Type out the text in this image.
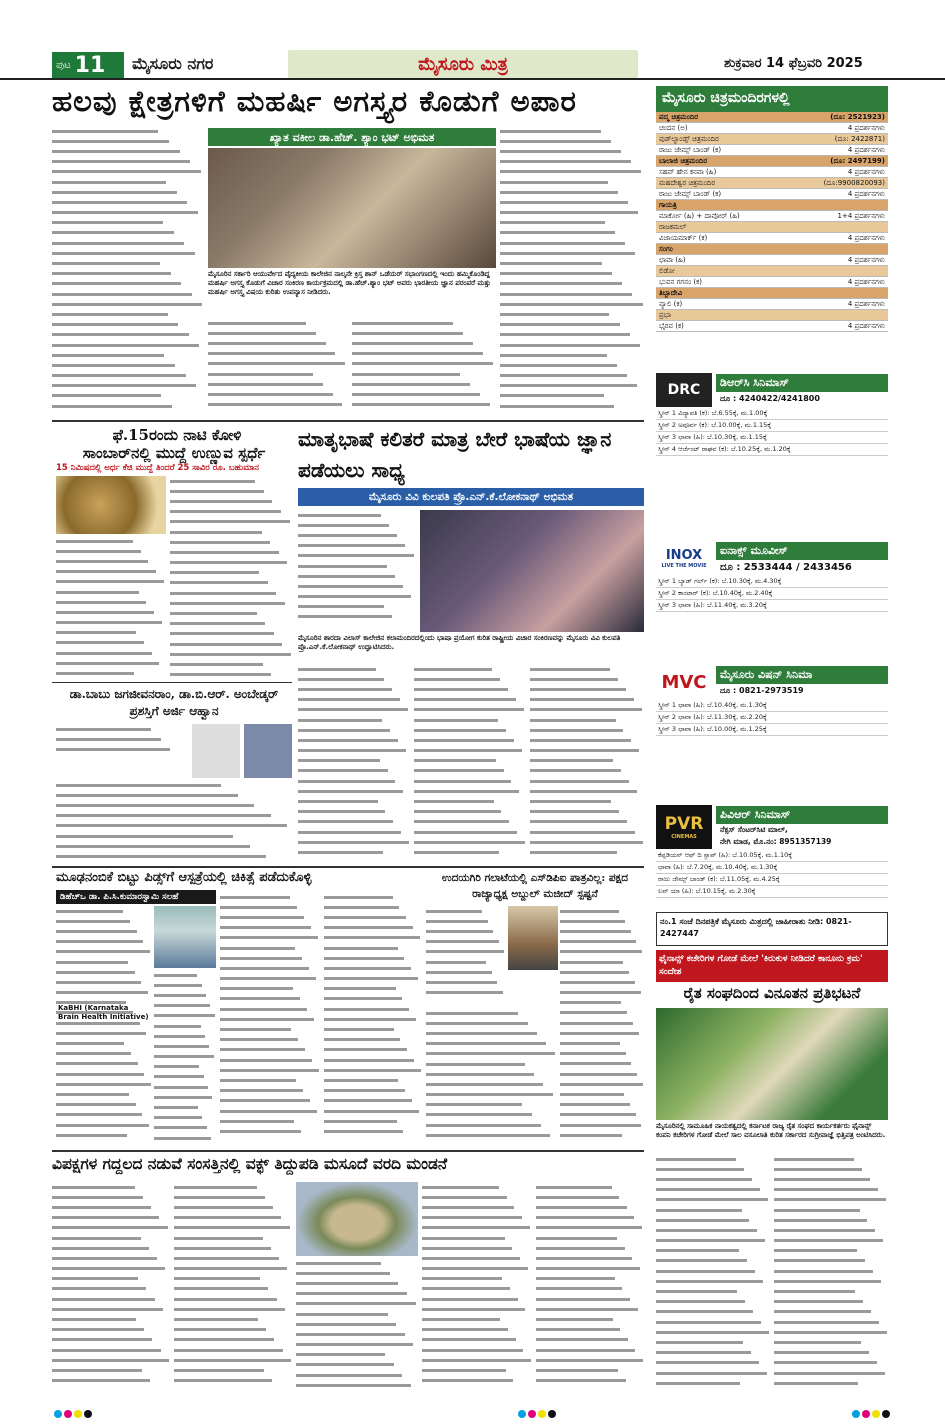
ಪುಟ 11 ಮೈಸೂರು ನಗರ	ಮೈಸೂರು ಮಿತ್ರ	ಶುಕ್ರವಾರ 14 ಫೆಬ್ರವರಿ 2025
ಹಲವು ಕ್ಷೇತ್ರಗಳಿಗೆ ಮಹರ್ಷಿ ಅಗಸ್ತ್ಯರ ಕೊಡುಗೆ ಅಪಾರ
ಖ್ಯಾತ ವಕೀಲ ಡಾ.ಹೆಚ್. ಶ್ಯಾಂ ಭಟ್ ಅಭಿಮತ
ಮೈಸೂರಿನ ಸರ್ಕಾರಿ ಆಯುರ್ವೇದ ವೈದ್ಯಕೀಯ ಕಾಲೇಜಿನ ನಾಲ್ಕನೇ ಕ್ರಿಸ್ತ ಶಾನ್ ಒಡೆಯರ್ ಸಭಾಂಗಣದಲ್ಲಿ ಇಂದು ಹಮ್ಮಿಕೊಂಡಿದ್ದ ಮಹರ್ಷಿ ಅಗಸ್ತ್ಯ ಕೊಡುಗೆ ವಿಚಾರ ಸಂಕಿರಣ ಕಾರ್ಯಕ್ರಮದಲ್ಲಿ ಡಾ.ಹೆಚ್.ಶ್ಯಾಂ ಭಟ್ ಅವರು ಭಾರತೀಯ ಜ್ಞಾನ ಪರಂಪರೆ ಮತ್ತು ಮಹರ್ಷಿ ಅಗಸ್ತ್ಯ ವಿಷಯ ಕುರಿತು ಉಪನ್ಯಾಸ ನೀಡಿದರು.
ಫೆ.15ರಂದು ನಾಟಿ ಕೋಳಿ
ಸಾಂಬಾರ್‌ನಲ್ಲಿ ಮುದ್ದೆ ಉಣ್ಣುವ ಸ್ಪರ್ಧೆ
15 ನಿಮಿಷದಲ್ಲಿ ಅರ್ಧ ಕೆಜಿ ಮುದ್ದೆ ತಿಂದರೆ 25 ಸಾವಿರ ರೂ. ಬಹುಮಾನ
ಡಾ.ಬಾಬು ಜಗಜೀವನರಾಂ, ಡಾ.ಬಿ.ಆರ್. ಅಂಬೇಡ್ಕರ್ ಪ್ರಶಸ್ತಿಗೆ ಅರ್ಜಿ ಆಹ್ವಾನ
ಮಾತೃಭಾಷೆ ಕಲಿತರೆ ಮಾತ್ರ ಬೇರೆ ಭಾಷೆಯ ಜ್ಞಾನ ಪಡೆಯಲು ಸಾಧ್ಯ
ಮೈಸೂರು ವಿವಿ ಕುಲಪತಿ ಪ್ರೊ.ಎನ್.ಕೆ.ಲೋಕನಾಥ್ ಅಭಿಮತ
ಮೈಸೂರಿನ ಶಾರದಾ ವಿಲಾಸ್ ಕಾಲೇಜಿನ ಕಲಾಮಂದಿರದಲ್ಲಿಂದು ಭಾಷಾ ಪ್ರಯೋಗ ಕುರಿತ ರಾಷ್ಟ್ರೀಯ ವಿಚಾರ ಸಂಕಿರಣವನ್ನು ಮೈಸೂರು ವಿವಿ ಕುಲಪತಿ ಪ್ರೊ.ಎನ್.ಕೆ.ಲೋಕನಾಥ್ ಉದ್ಘಾಟಿಸಿದರು.
ಮೂಢನಂಬಿಕೆ ಬಿಟ್ಟು ಪಿಡ್ಸ್‌ಗೆ ಆಸ್ಪತ್ರೆಯಲ್ಲಿ ಚಿಕಿತ್ಸೆ ಪಡೆದುಕೊಳ್ಳಿ
ಡಿಹೆಚ್‌ಒ ಡಾ. ಪಿ.ಸಿ.ಕುಮಾರಸ್ವಾಮಿ ಸಲಹೆ
KaBHI (Karnataka Brain Health Initiative)
ಉದಯಗಿರಿ ಗಲಾಟೆಯಲ್ಲಿ ಎಸ್‌ಡಿಪಿಐ ಪಾತ್ರವಿಲ್ಲ: ಪಕ್ಷದ ರಾಜ್ಯಾಧ್ಯಕ್ಷ ಅಬ್ದುಲ್ ಮಜೀದ್ ಸ್ಪಷ್ಟನೆ
ಮೈಸೂರು ಚಿತ್ರಮಂದಿರಗಳಲ್ಲಿ
ಪದ್ಮ ಚಿತ್ರಮಂದಿರ	(ದೂ: 2521923)
ಚಂದನ (ಅ)	4 ಪ್ರದರ್ಶನಗಳು
ವುಡ್‌ಲ್ಯಾಂಡ್ಸ್ ಚಿತ್ರಮಂದಿರ	(ದೂ: 2422871)
ರಾಜು ಜೇಮ್ಸ್ ಬಾಂಡ್ (ಕ)	4 ಪ್ರದರ್ಶನಗಳು
ಬಾಲಾಜಿ ಚಿತ್ರಮಂದಿರ	(ದೂ: 2497199)
ಸಹವ್ ಹೇನ ಕನವಾ (ಹಿ)	4 ಪ್ರದರ್ಶನಗಳು
ಮಹದೇಶ್ವರ ಚಿತ್ರಮಂದಿರ	(ದೂ:9900820093)
ರಾಜು ಜೇಮ್ಸ್ ಬಾಂಡ್ (ಕ)	4 ಪ್ರದರ್ಶನಗಳು
ಗಾಯತ್ರಿ
ಮಾರ್ಕೋ (ಹಿ) + ದಾವೋರ್ (ಹಿ)	1+4 ಪ್ರದರ್ಶನಗಳು
ರಾಜಕಮಲ್
ವಿಜಾಯಮಾರ್ಕ್ (ಕ)	4 ಪ್ರದರ್ಶನಗಳು
ಸಂಗಂ
ಛಾವಾ (ಹಿ)	4 ಪ್ರದರ್ಶನಗಳು
ಲಿಡೋ
ಭುವನ ಗಗನಂ (ಕ)	4 ಪ್ರದರ್ಶನಗಳು
ತಿಬ್ಬಾದೇವಿ
ವ್ಯಾಲಿ (ಕ)	4 ಪ್ರದರ್ಶನಗಳು
ಪ್ರಭಾ
ಭೈರವ (ಕ)	4 ಪ್ರದರ್ಶನಗಳು
DRC	ಡಿಆರ್‌ಸಿ ಸಿನಿಮಾಸ್
ದೂ : 4240422/4241800
ಸ್ಕ್ರೀನ್ 1 ವಿದ್ಯಾಪತಿ (ಕ): ಬೆ.6.55ಕ್ಕೆ, ಮ.1.00ಕ್ಕೆ
ಸ್ಕ್ರೀನ್ 2 ಅಪೂರ್ವ (ಕ): ಬೆ.10.00ಕ್ಕೆ, ಮ.1.15ಕ್ಕೆ
ಸ್ಕ್ರೀನ್ 3 ಛಾವಾ (ಹಿ): ಬೆ.10.30ಕ್ಕೆ, ಮ.1.15ಕ್ಕೆ
ಸ್ಕ್ರೀನ್ 4 ಆರ್ಜೆಂಟ್ ರಾಘವ (ಕ): ಬೆ.10.25ಕ್ಕೆ, ಮ.1.20ಕ್ಕೆ
INOX
LIVE THE MOVIE
ಐನಾಕ್ಸ್ ಮೂವೀಸ್
ದೂ : 2533444 / 2433456
ಸ್ಕ್ರೀನ್ 1 ಬ್ಯಾಡ್ ಗರ್ಲ್ (ಕ): ಬೆ.10.30ಕ್ಕೆ, ಮ.4.30ಕ್ಕೆ
ಸ್ಕ್ರೀನ್ 2 ಕಾಂಟಾರ್ (ಕ): ಬೆ.10.40ಕ್ಕೆ, ಮ.2.40ಕ್ಕೆ
ಸ್ಕ್ರೀನ್ 3 ಛಾವಾ (ಹಿ): ಬೆ.11.40ಕ್ಕೆ, ಮ.3.20ಕ್ಕೆ
MVC	ಮೈಸೂರು ವಿಷನ್ ಸಿನಿಮಾ
ದೂ : 0821-2973519
ಸ್ಕ್ರೀನ್ 1 ಛಾವಾ (ಹಿ): ಬೆ.10.40ಕ್ಕೆ, ಮ.1.30ಕ್ಕೆ
ಸ್ಕ್ರೀನ್ 2 ಛಾವಾ (ಹಿ): ಬೆ.11.30ಕ್ಕೆ, ಮ.2.20ಕ್ಕೆ
ಸ್ಕ್ರೀನ್ 3 ಛಾವಾ (ಹಿ): ಬೆ.10.00ಕ್ಕೆ, ಮ.1.25ಕ್ಕೆ
PVR
CINEMAS
ಪಿವಿಆರ್ ಸಿನಿಮಾಸ್
ನೆಕ್ಸಸ್ ಸೆಂಟರ್‌ಸಿಟಿ ಮಾಲ್,
ನೇಗಿ ಮಾಡ, ಮೊ.ನಂ: 8951357139
ಕೆಪ್ಪಡಿಯನ್ ಆಫ್ ದಿ ಸ್ಲಾಪ್ (ಹಿ): ಬೆ.10.05ಕ್ಕೆ, ಮ.1.10ಕ್ಕೆ
ಛಾವಾ (ಹಿ): ಬೆ.7.20ಕ್ಕೆ, ಮ.10.40ಕ್ಕೆ, ಮ.1.30ಕ್ಕೆ
ರಾಜು ಜೇಮ್ಸ್ ಬಾಂಡ್ (ಕ): ಬೆ.11.05ಕ್ಕೆ, ಮ.4.25ಕ್ಕೆ
ಲವ್ ಯಾ (ಹಿ): ಬೆ.10.15ಕ್ಕೆ, ಮ.2.30ಕ್ಕೆ
ನಂ.1 ಸಂಜೆ ದಿನಪತ್ರಿಕೆ ಮೈಸೂರು ಮಿತ್ರದಲ್ಲಿ ಜಾಹೀರಾತು ನೀಡಿ: 0821-2427447
ಫೈನಾನ್ಸ್ ಕಚೇರಿಗಳ ಗೋಡೆ ಮೇಲೆ 'ಕಿರುಕುಳ ನೀಡಿದರೆ ಕಾನೂನು ಕ್ರಮ' ಸಂದೇಶ
ರೈತ ಸಂಘದಿಂದ ವಿನೂತನ ಪ್ರತಿಭಟನೆ
ಮೈಸೂರಿನಲ್ಲಿ ಸಾಮೂಹಿಕ ನಾಯಕತ್ವದಲ್ಲಿ ಕರ್ನಾಟಕ ರಾಜ್ಯ ರೈತ ಸಂಘದ ಕಾರ್ಯಕರ್ತರು ಫೈನಾನ್ಸ್ ಕಂಪನಿ ಕಚೇರಿಗಳ ಗೋಡೆ ಮೇಲೆ ಸಾಲ ವಸೂಲಾತಿ ಕುರಿತ ಸರ್ಕಾರದ ಸುಗ್ರೀವಾಜ್ಞೆ ಭಿತ್ತಿಪತ್ರ ಅಂಟಿಸಿದರು.
ವಿಪಕ್ಷಗಳ ಗದ್ದಲದ ನಡುವೆ ಸಂಸತ್ತಿನಲ್ಲಿ ವಕ್ಫ್ ತಿದ್ದುಪಡಿ ಮಸೂದೆ ವರದಿ ಮಂಡನೆ
